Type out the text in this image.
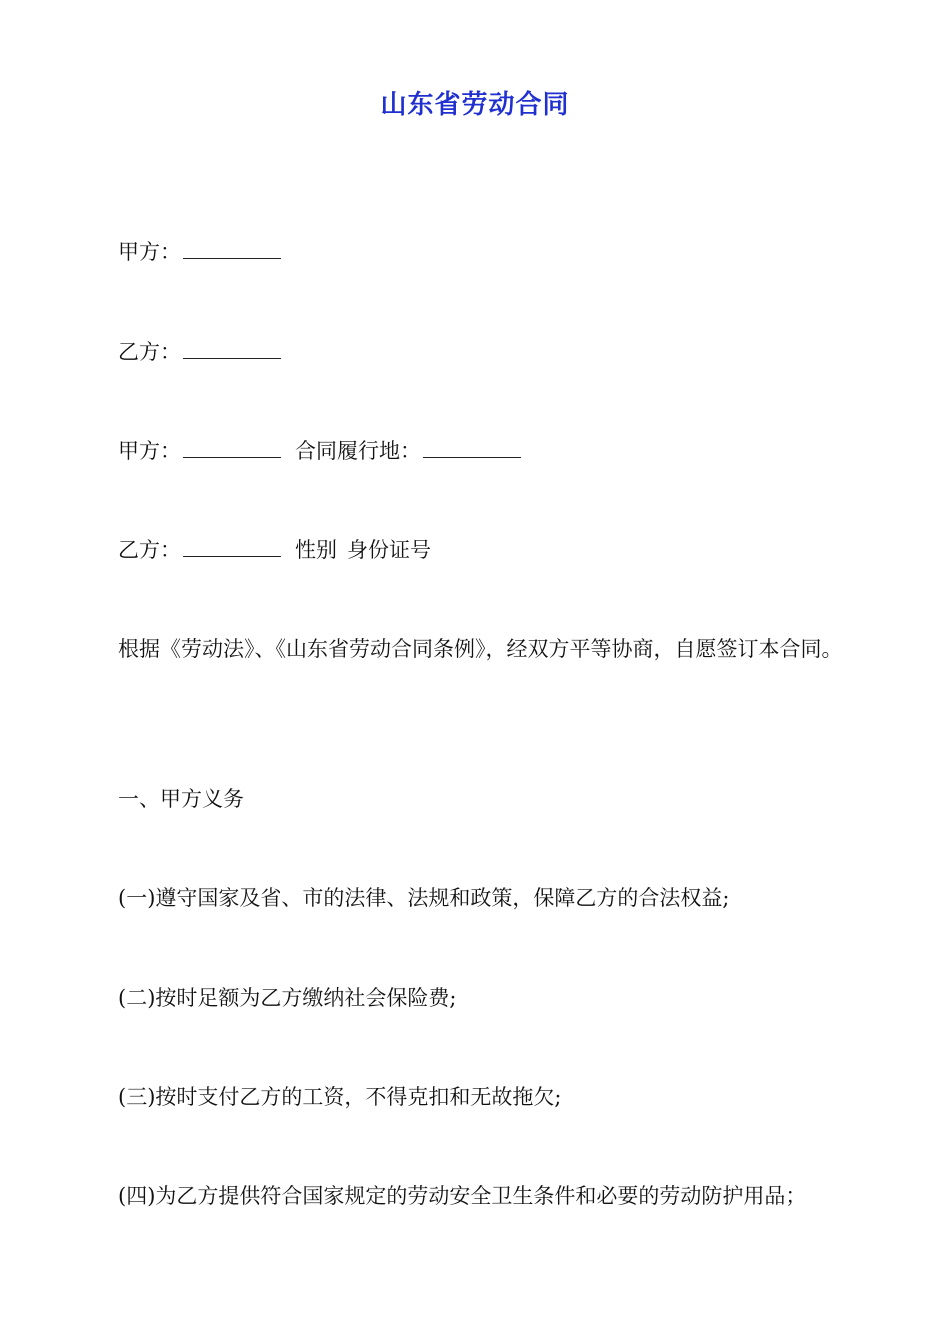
山东省劳动合同
甲方：
乙方：
甲方：	合同履行地：
乙方：	性别 身份证号
根据《劳动法》、《山东省劳动合同条例》，经双方平等协商，自愿签订本合同。
一、甲方义务
(一)遵守国家及省、市的法律、法规和政策，保障乙方的合法权益;
(二)按时足额为乙方缴纳社会保险费;
(三)按时支付乙方的工资，不得克扣和无故拖欠;
(四)为乙方提供符合国家规定的劳动安全卫生条件和必要的劳动防护用品；
